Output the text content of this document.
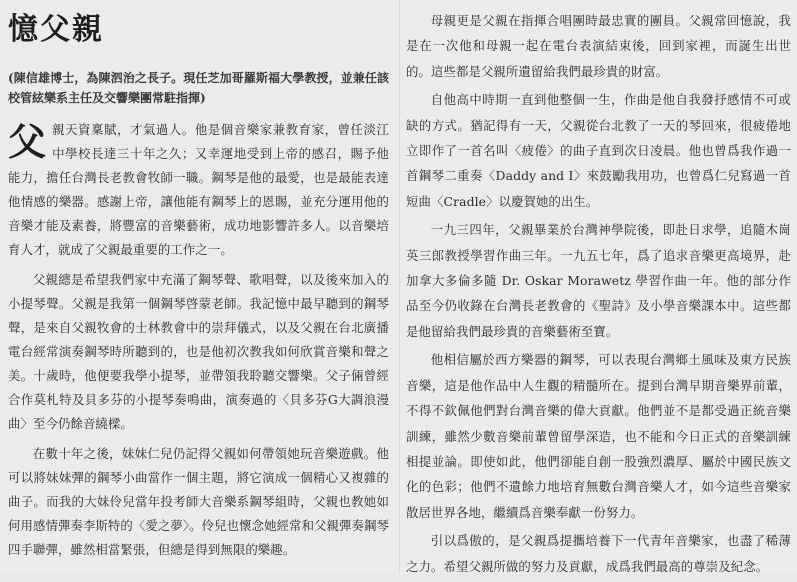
憶父親
(陳信雄博士，為陳泗治之長子。現任芝加哥羅斯福大學教授，並兼任該校管絃樂系主任及交響樂團常駐指揮)

父親天資稟賦，才氣過人。他是個音樂家兼教育家，曾任淡江中學校長達三十年之久；又幸運地受到上帝的感召，賜予他能力，擔任台灣長老教會牧師一職。鋼琴是他的最愛，也是最能表達他情感的樂器。感謝上帝，讓他能有鋼琴上的恩賜，並充分運用他的音樂才能及素養，將豐富的音樂藝術，成功地影響許多人。以音樂培育人才，就成了父親最重要的工作之一。

父親總是希望我們家中充滿了鋼琴聲、歌唱聲，以及後來加入的小提琴聲。父親是我第一個鋼琴啓蒙老師。我記憶中最早聽到的鋼琴聲，是來自父親牧會的士林教會中的崇拜儀式，以及父親在台北廣播電台經常演奏鋼琴時所聽到的，也是他初次教我如何欣賞音樂和聲之美。十歲時，他便要我學小提琴，並帶領我聆聽交響樂。父子倆曾經合作莫札特及貝多芬的小提琴奏鳴曲，演奏過的〈貝多芬G大調浪漫曲〉至今仍餘音繞樑。

在數十年之後，妹妹仁兒仍記得父親如何帶領她玩音樂遊戲。他可以將妹妹彈的鋼琴小曲當作一個主題，將它演成一個精心又複雜的曲子。而我的大妹伶兒當年投考師大音樂系鋼琴組時，父親也教她如何用感情彈奏李斯特的〈愛之夢〉。伶兒也懷念她經常和父親彈奏鋼琴四手聯彈，雖然相當緊張，但總是得到無限的樂趣。

母親更是父親在指揮合唱團時最忠實的團員。父親常回憶說，我是在一次他和母親一起在電台表演結束後，回到家裡，而誕生出世的。這些都是父親所遺留給我們最珍貴的財富。

自他高中時期一直到他整個一生，作曲是他自我發抒感情不可或缺的方式。猶記得有一天，父親從台北教了一天的琴回來，很疲倦地立即作了一首名叫〈疲倦〉的曲子直到次日凌晨。他也曾爲我作過一首鋼琴二重奏〈Daddy and I〉來鼓勵我用功，也曾爲仁兒寫過一首短曲〈Cradle〉以慶賀她的出生。

一九三四年，父親畢業於台灣神學院後，即赴日求學，追隨木崗英三郎教授學習作曲三年。一九五七年，爲了追求音樂更高境界，赴加拿大多倫多隨 Dr. Oskar Morawetz 學習作曲一年。他的部分作品至今仍收錄在台灣長老教會的《聖詩》及小學音樂課本中。這些都是他留給我們最珍貴的音樂藝術至寶。

他相信屬於西方樂器的鋼琴，可以表現台灣鄉土風味及東方民族音樂，這是他作品中人生觀的精髓所在。提到台灣早期音樂界前輩，不得不欽佩他們對台灣音樂的偉大貢獻。他們並不是都受過正統音樂訓練，雖然少數音樂前輩曾留學深造，也不能和今日正式的音樂訓練相提並論。即使如此，他們卻能自創一股強烈濃厚、屬於中國民族文化的色彩；他們不遺餘力地培育無數台灣音樂人才，如今這些音樂家散居世界各地，繼續爲音樂奉獻一份努力。

引以爲傲的，是父親爲提攜培養下一代青年音樂家，也盡了稀薄之力。希望父親所做的努力及貢獻，成爲我們最高的尊崇及紀念。
